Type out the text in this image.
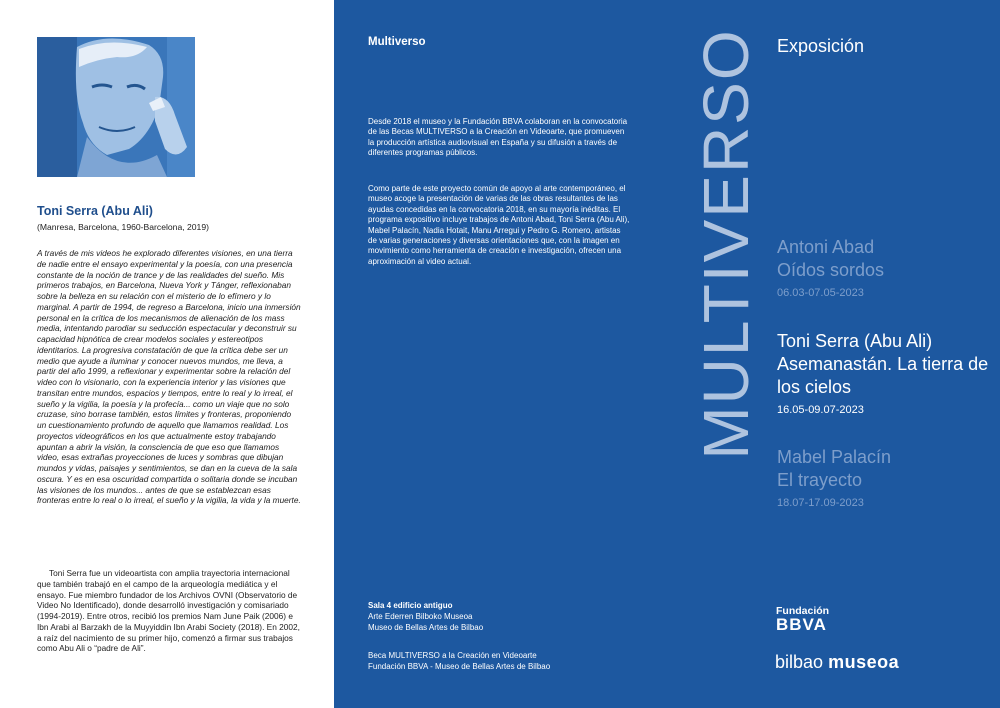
Toni Serra (Abu Ali)
(Manresa, Barcelona, 1960-Barcelona, 2019)

A través de mis videos he explorado diferentes visiones, en una tierra de nadie entre el ensayo experimental y la poesía, con una presencia constante de la noción de trance y de las realidades del sueño. Mis primeros trabajos, en Barcelona, Nueva York y Tánger, reflexionaban sobre la belleza en su relación con el misterio de lo efímero y lo marginal. A partir de 1994, de regreso a Barcelona, inicio una inmersión personal en la crítica de los mecanismos de alienación de los mass media, intentando parodiar su seducción espectacular y deconstruir su capacidad hipnótica de crear modelos sociales y estereotipos identitarios. La progresiva constatación de que la crítica debe ser un medio que ayude a iluminar y conocer nuevos mundos, me lleva, a partir del año 1999, a reflexionar y experimentar sobre la relación del video con lo visionario, con la experiencia interior y las visiones que transitan entre mundos, espacios y tiempos, entre lo real y lo irreal, el sueño y la vigilia, la poesía y la profecía... como un viaje que no solo cruzase, sino borrase también, estos límites y fronteras, proponiendo un cuestionamiento profundo de aquello que llamamos realidad. Los proyectos videográficos en los que actualmente estoy trabajando apuntan a abrir la visión, la consciencia de que eso que llamamos video, esas extrañas proyecciones de luces y sombras que dibujan mundos y vidas, paisajes y sentimientos, se dan en la cueva de la sala oscura. Y es en esa oscuridad compartida o solitaria donde se incuban las visiones de los mundos... antes de que se establezcan esas fronteras entre lo real o lo irreal, el sueño y la vigilia, la vida y la muerte.

Toni Serra fue un videoartista con amplia trayectoria internacional que también trabajó en el campo de la arqueología mediática y el ensayo. Fue miembro fundador de los Archivos OVNI (Observatorio de Video No Identificado), donde desarrolló investigación y comisariado (1994-2019). Entre otros, recibió los premios Nam June Paik (2006) e Ibn Arabi al Barzakh de la Muyyiddin Ibn Arabi Society (2018). En 2002, a raíz del nacimiento de su primer hijo, comenzó a firmar sus trabajos como Abu Ali o “padre de Ali”.

Multiverso

Desde 2018 el museo y la Fundación BBVA colaboran en la convocatoria de las Becas MULTIVERSO a la Creación en Videoarte, que promueven la producción artística audiovisual en España y su difusión a través de diferentes programas públicos.

Como parte de este proyecto común de apoyo al arte contemporáneo, el museo acoge la presentación de varias de las obras resultantes de las ayudas concedidas en la convocatoria 2018, en su mayoría inéditas. El programa expositivo incluye trabajos de Antoni Abad, Toni Serra (Abu Ali), Mabel Palacín, Nadia Hotait, Manu Arregui y Pedro G. Romero, artistas de varias generaciones y diversas orientaciones que, con la imagen en movimiento como herramienta de creación e investigación, ofrecen una aproximación al video actual.

Sala 4 edificio antiguo
Arte Ederren Bilboko Museoa
Museo de Bellas Artes de Bilbao
Beca MULTIVERSO a la Creación en Videoarte
Fundación BBVA - Museo de Bellas Artes de Bilbao
MULTIVERSO Exposición
Antoni Abad
Oídos sordos
06.03-07.05-2023
Toni Serra (Abu Ali)
Asemanastán. La tierra de los cielos
16.05-09.07-2023
Mabel Palacín
El trayecto
18.07-17.09-2023
Fundación
BBVA
bilbao museoa
